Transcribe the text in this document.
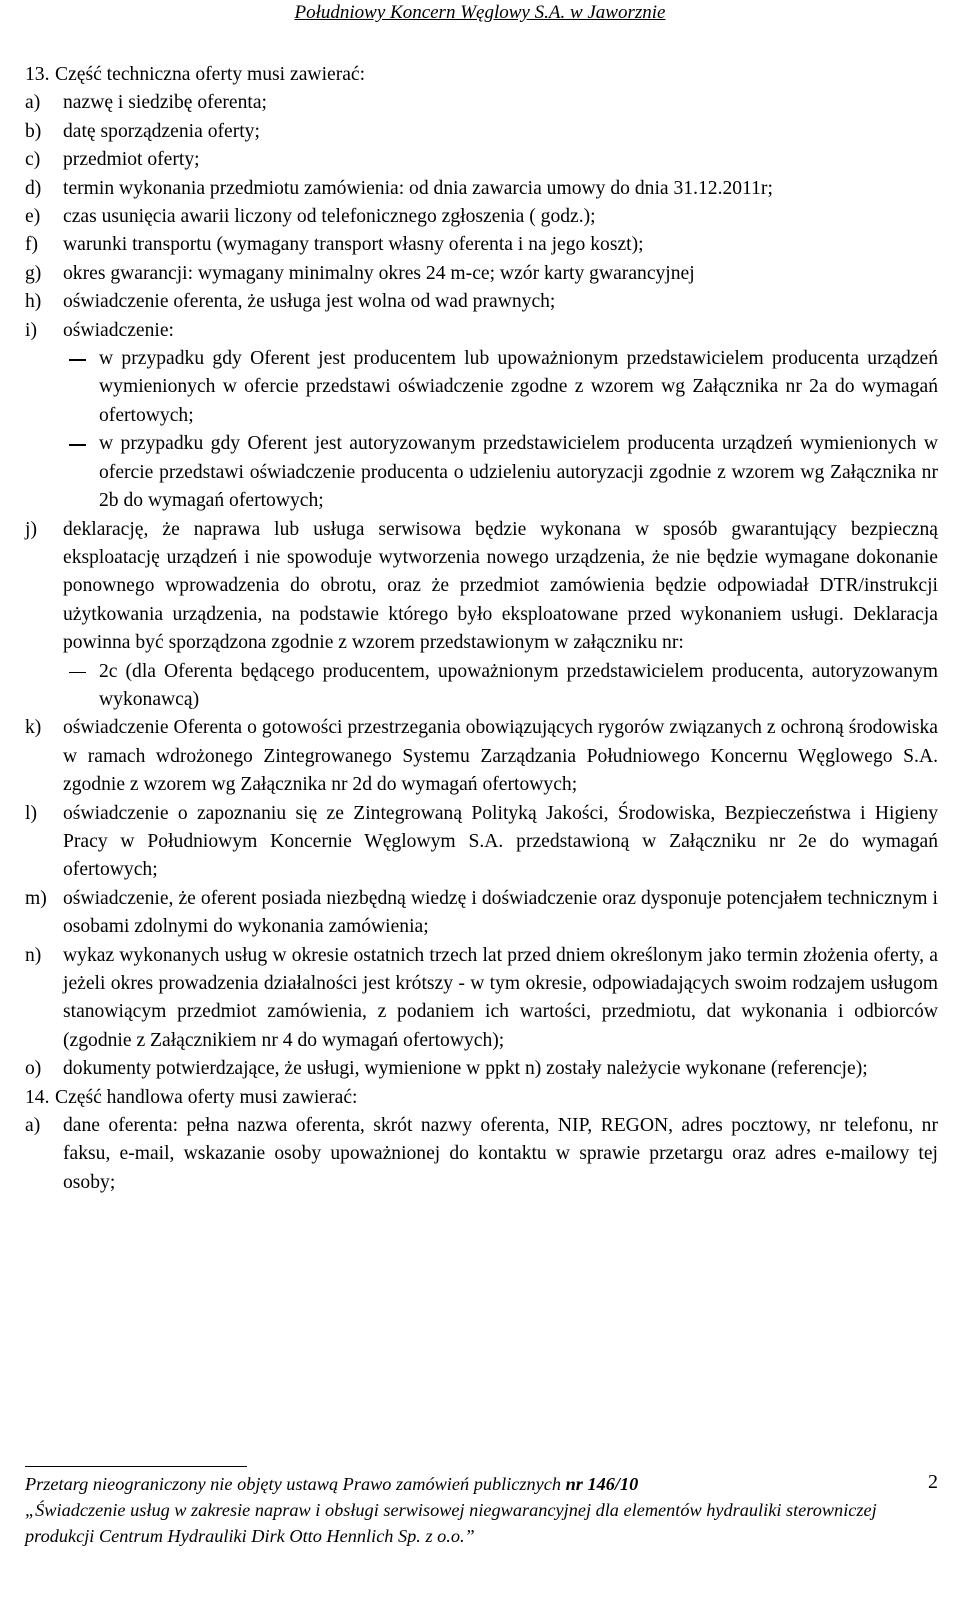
Południowy Koncern Węglowy S.A. w Jaworznie
13. Część techniczna oferty musi zawierać:
a)	nazwę i siedzibę oferenta;
b)	datę sporządzenia oferty;
c)	przedmiot oferty;
d)	termin wykonania przedmiotu zamówienia: od dnia zawarcia umowy do dnia 31.12.2011r;
e)	czas usunięcia awarii liczony od telefonicznego zgłoszenia ( godz.);
f)	warunki transportu (wymagany transport własny oferenta i na jego koszt);
g)	okres gwarancji: wymagany minimalny okres 24 m-ce; wzór karty gwarancyjnej
h)	oświadczenie oferenta, że usługa jest wolna od wad prawnych;
i)	oświadczenie:
w przypadku gdy Oferent jest producentem lub upoważnionym przedstawicielem producenta urządzeń wymienionych w ofercie przedstawi oświadczenie zgodne z wzorem wg Załącznika nr 2a do wymagań ofertowych;
w przypadku gdy Oferent jest autoryzowanym przedstawicielem producenta urządzeń wymienionych w ofercie przedstawi oświadczenie producenta o udzieleniu autoryzacji zgodnie z wzorem wg Załącznika nr 2b do wymagań ofertowych;
j)	deklarację, że naprawa lub usługa serwisowa będzie wykonana w sposób gwarantujący bezpieczną eksploatację urządzeń i nie spowoduje wytworzenia nowego urządzenia, że nie będzie wymagane dokonanie ponownego wprowadzenia do obrotu, oraz że przedmiot zamówienia będzie odpowiadał DTR/instrukcji użytkowania urządzenia, na podstawie którego było eksploatowane przed wykonaniem usługi. Deklaracja powinna być sporządzona zgodnie z wzorem przedstawionym w załączniku nr:
2c (dla Oferenta będącego producentem, upoważnionym przedstawicielem producenta, autoryzowanym wykonawcą)
k)	oświadczenie Oferenta o gotowości przestrzegania obowiązujących rygorów związanych z ochroną środowiska w ramach wdrożonego Zintegrowanego Systemu Zarządzania Południowego Koncernu Węglowego S.A. zgodnie z wzorem wg Załącznika nr 2d do wymagań ofertowych;
l)	oświadczenie o zapoznaniu się ze Zintegrowaną Polityką Jakości, Środowiska, Bezpieczeństwa i Higieny Pracy w Południowym Koncernie Węglowym S.A. przedstawioną w Załączniku nr 2e do wymagań ofertowych;
m) oświadczenie, że oferent posiada niezbędną wiedzę i doświadczenie oraz dysponuje potencjałem technicznym i osobami zdolnymi do wykonania zamówienia;
n)	wykaz wykonanych usług w okresie ostatnich trzech lat przed dniem określonym jako termin złożenia oferty, a jeżeli okres prowadzenia działalności jest krótszy - w tym okresie, odpowiadających swoim rodzajem usługom stanowiącym przedmiot zamówienia, z podaniem ich wartości, przedmiotu, dat wykonania i odbiorców (zgodnie z Załącznikiem nr 4 do wymagań ofertowych);
o)	dokumenty potwierdzające, że usługi, wymienione w ppkt n) zostały należycie wykonane (referencje);
14. Część handlowa oferty musi zawierać:
a)	dane oferenta: pełna nazwa oferenta, skrót nazwy oferenta, NIP, REGON, adres pocztowy, nr telefonu, nr faksu, e-mail, wskazanie osoby upoważnionej do kontaktu w sprawie przetargu oraz adres e-mailowy tej osoby;
Przetarg nieograniczony nie objęty ustawą Prawo zamówień publicznych nr 146/10
„Świadczenie usług w zakresie napraw i obsługi serwisowej niegwarancyjnej dla elementów hydrauliki sterowniczej produkcji Centrum Hydrauliki Dirk Otto Hennlich Sp. z o.o.”
2
